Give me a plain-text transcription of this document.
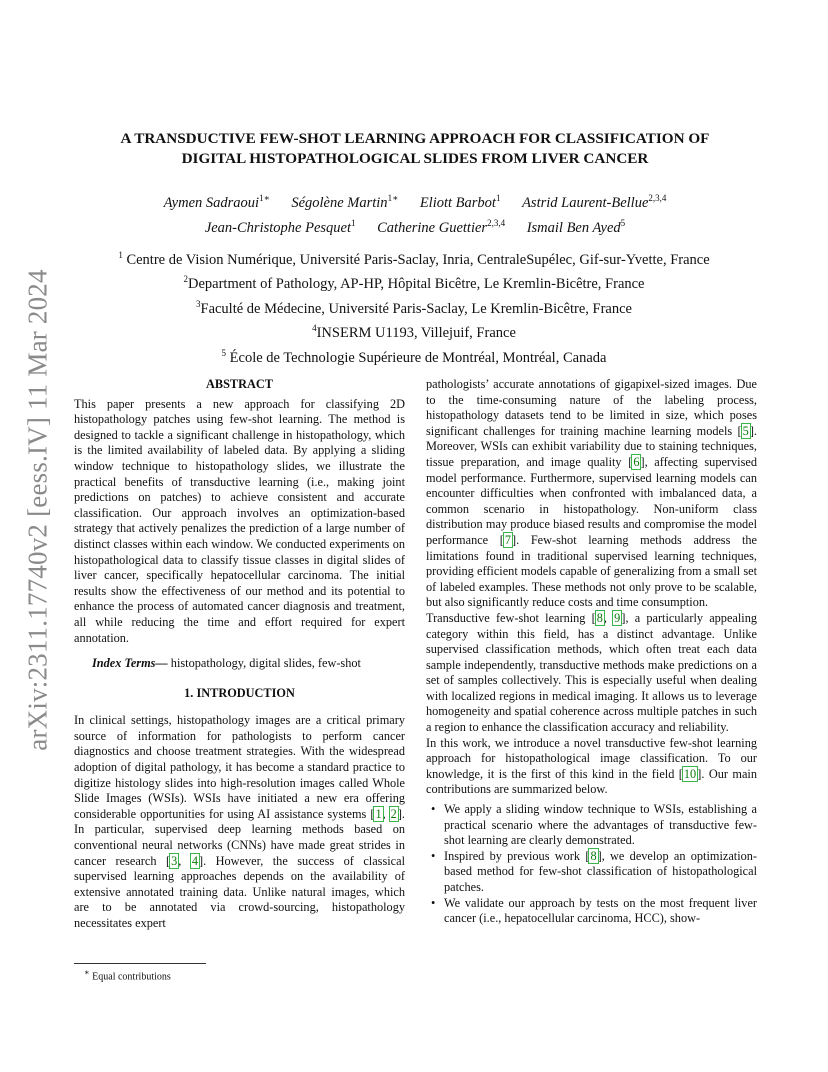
arXiv:2311.17740v2 [eess.IV] 11 Mar 2024
A TRANSDUCTIVE FEW-SHOT LEARNING APPROACH FOR CLASSIFICATION OF
DIGITAL HISTOPATHOLOGICAL SLIDES FROM LIVER CANCER
Aymen Sadraoui$^{1∗}$ Ségolène Martin$^{1∗}$ Eliott Barbot$^1$ Astrid Laurent-Bellue$^{2,3,4}$
Jean-Christophe Pesquet$^1$ Catherine Guettier$^{2,3,4}$ Ismail Ben Ayed$^5$
$^1$ Centre de Vision Numérique, Université Paris-Saclay, Inria, CentraleSupélec, Gif-sur-Yvette, France
$^2$Department of Pathology, AP-HP, Hôpital Bicêtre, Le Kremlin-Bicêtre, France
$^3$Faculté de Médecine, Université Paris-Saclay, Le Kremlin-Bicêtre, France
$^4$INSERM U1193, Villejuif, France
$^5$ École de Technologie Supérieure de Montréal, Montréal, Canada
ABSTRACT

This paper presents a new approach for classifying 2D histopathology patches using few-shot learning. The method is designed to tackle a significant challenge in histopathology, which is the limited availability of labeled data. By applying a sliding window technique to histopathology slides, we illustrate the practical benefits of transductive learning (i.e., making joint predictions on patches) to achieve consistent and accurate classification. Our approach involves an optimization-based strategy that actively penalizes the prediction of a large number of distinct classes within each window. We conducted experiments on histopathological data to classify tissue classes in digital slides of liver cancer, specifically hepatocellular carcinoma. The initial results show the effectiveness of our method and its potential to enhance the process of automated cancer diagnosis and treatment, all while reducing the time and effort required for expert annotation.

Index Terms— histopathology, digital slides, few-shot

1. INTRODUCTION

In clinical settings, histopathology images are a critical primary source of information for pathologists to perform cancer diagnostics and choose treatment strategies. With the widespread adoption of digital pathology, it has become a standard practice to digitize histology slides into high-resolution images called Whole Slide Images (WSIs). WSIs have initiated a new era offering considerable opportunities for using AI assistance systems [1, 2]. In particular, supervised deep learning methods based on conventional neural networks (CNNs) have made great strides in cancer research [3, 4]. However, the success of classical supervised learning approaches depends on the availability of extensive annotated training data. Unlike natural images, which are to be annotated via crowd-sourcing, histopathology necessitates expert

pathologists’ accurate annotations of gigapixel-sized images. Due to the time-consuming nature of the labeling process, histopathology datasets tend to be limited in size, which poses significant challenges for training machine learning models [5]. Moreover, WSIs can exhibit variability due to staining techniques, tissue preparation, and image quality [6], affecting supervised model performance. Furthermore, supervised learning models can encounter difficulties when confronted with imbalanced data, a common scenario in histopathology. Non-uniform class distribution may produce biased results and compromise the model performance [7]. Few-shot learning methods address the limitations found in traditional supervised learning techniques, providing efficient models capable of generalizing from a small set of labeled examples. These methods not only prove to be scalable, but also significantly reduce costs and time consumption.

Transductive few-shot learning [8, 9], a particularly appealing category within this field, has a distinct advantage. Unlike supervised classification methods, which often treat each data sample independently, transductive methods make predictions on a set of samples collectively. This is especially useful when dealing with localized regions in medical imaging. It allows us to leverage homogeneity and spatial coherence across multiple patches in such a region to enhance the classification accuracy and reliability.

In this work, we introduce a novel transductive few-shot learning approach for histopathological image classification. To our knowledge, it is the first of this kind in the field [10]. Our main contributions are summarized below.

• We apply a sliding window technique to WSIs, establishing a practical scenario where the advantages of transductive few-shot learning are clearly demonstrated.
• Inspired by previous work [8], we develop an optimization-based method for few-shot classification of histopathological patches.
• We validate our approach by tests on the most frequent liver cancer (i.e., hepatocellular carcinoma, HCC), show-
∗ Equal contributions
